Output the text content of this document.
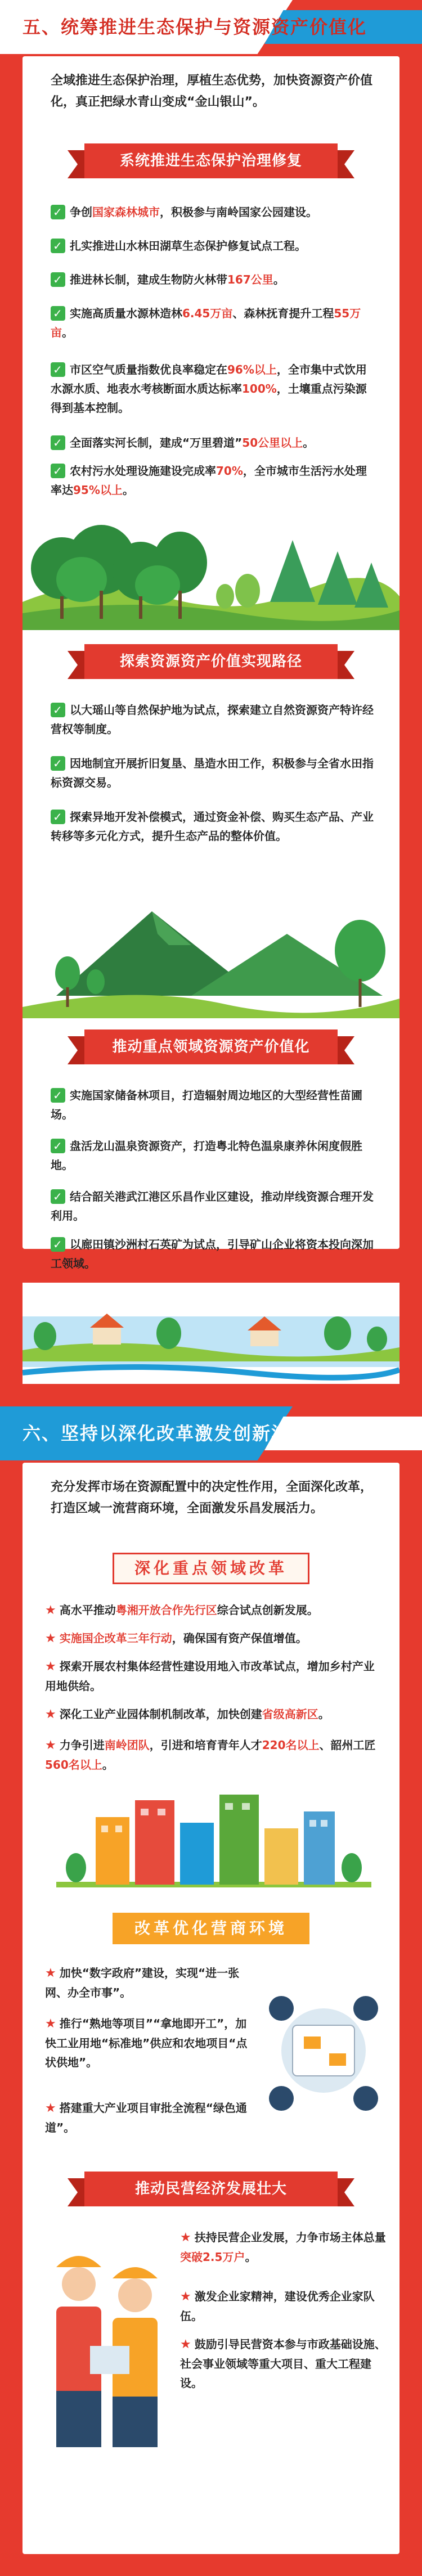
五、统筹推进生态保护与资源资产价值化
全域推进生态保护治理，厚植生态优势，加快资源资产价值化，真正把绿水青山变成“金山银山”。
系统推进生态保护治理修复
✓争创国家森林城市，积极参与南岭国家公园建设。
✓扎实推进山水林田湖草生态保护修复试点工程。
✓推进林长制，建成生物防火林带167公里。
✓实施高质量水源林造林6.45万亩、森林抚育提升工程55万亩。
✓市区空气质量指数优良率稳定在96%以上，全市集中式饮用水源水质、地表水考核断面水质达标率100%，土壤重点污染源得到基本控制。
✓全面落实河长制，建成“万里碧道”50公里以上。
✓农村污水处理设施建设完成率70%，全市城市生活污水处理率达95%以上。
探索资源资产价值实现路径
✓以大瑶山等自然保护地为试点，探索建立自然资源资产特许经营权等制度。
✓因地制宜开展折旧复垦、垦造水田工作，积极参与全省水田指标资源交易。
✓探索异地开发补偿模式，通过资金补偿、购买生态产品、产业转移等多元化方式，提升生态产品的整体价值。
推动重点领域资源资产价值化
✓实施国家储备林项目，打造辐射周边地区的大型经营性苗圃场。
✓盘活龙山温泉资源资产，打造粤北特色温泉康养休闲度假胜地。
✓结合韶关港武江港区乐昌作业区建设，推动岸线资源合理开发利用。
✓以廊田镇沙洲村石英矿为试点，引导矿山企业将资本投向深加工领域。
六、坚持以深化改革激发创新活力
充分发挥市场在资源配置中的决定性作用，全面深化改革，打造区域一流营商环境，全面激发乐昌发展活力。
深化重点领域改革
★ 高水平推动粤湘开放合作先行区综合试点创新发展。
★ 实施国企改革三年行动，确保国有资产保值增值。
★ 探索开展农村集体经营性建设用地入市改革试点，增加乡村产业用地供给。
★ 深化工业产业园体制机制改革，加快创建省级高新区。
★ 力争引进南岭团队，引进和培育青年人才220名以上、韶州工匠560名以上。
改革优化营商环境
★ 加快“数字政府”建设，实现“进一张网、办全市事”。
★ 推行“熟地等项目”“拿地即开工”，加快工业用地“标准地”供应和农地项目“点状供地”。
★ 搭建重大产业项目审批全流程“绿色通道”。
推动民营经济发展壮大
★ 扶持民营企业发展，力争市场主体总量突破2.5万户。
★ 激发企业家精神，建设优秀企业家队伍。
★ 鼓励引导民营资本参与市政基础设施、社会事业领域等重大项目、重大工程建设。
